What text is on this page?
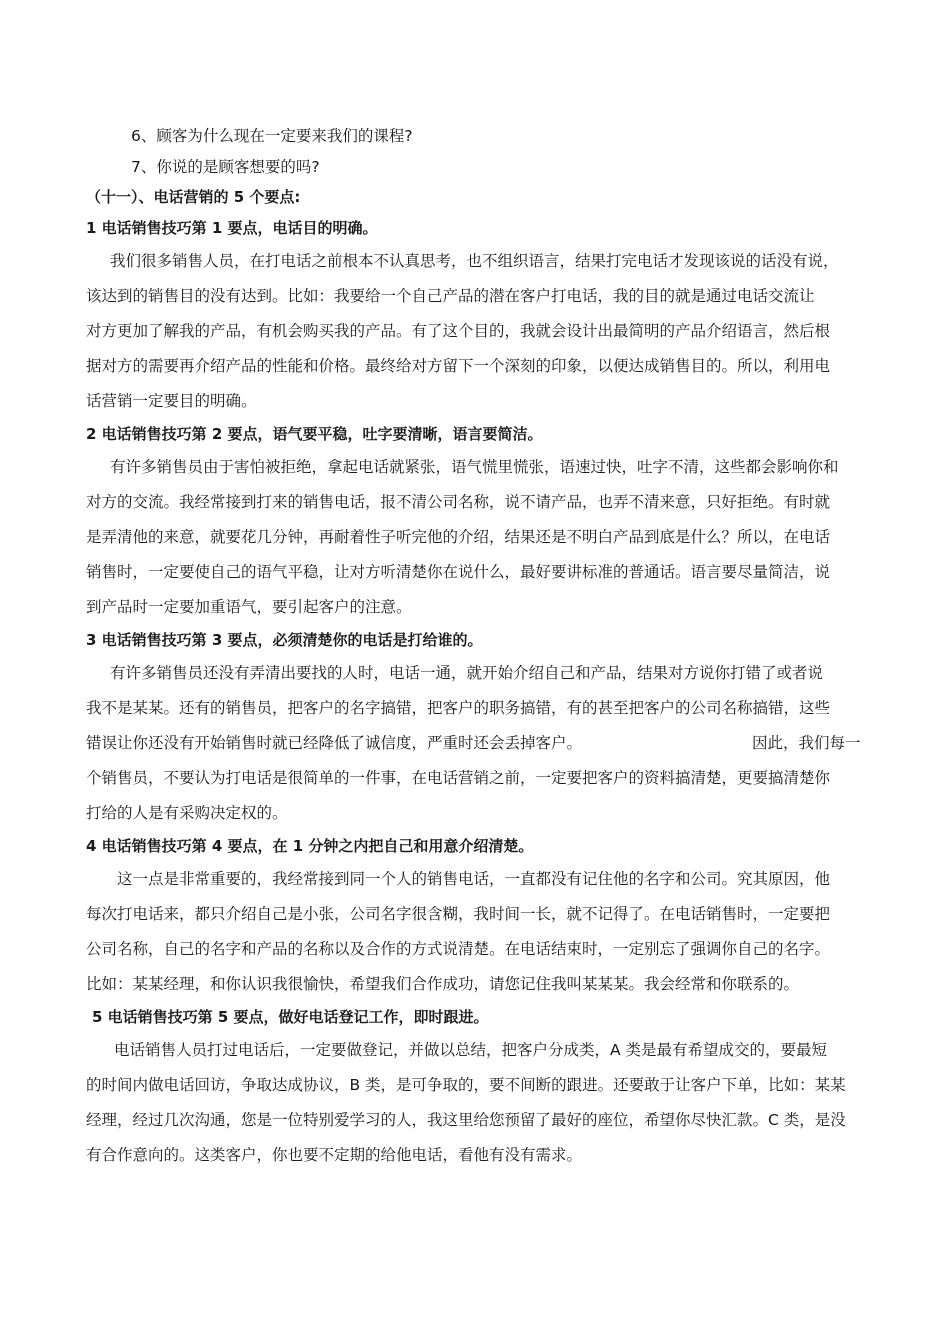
6、顾客为什么现在一定要来我们的课程?
7、你说的是顾客想要的吗?
（十一）、电话营销的 5 个要点:
1 电话销售技巧第 1 要点，电话目的明确。
我们很多销售人员，在打电话之前根本不认真思考，也不组织语言，结果打完电话才发现该说的话没有说，
该达到的销售目的没有达到。比如：我要给一个自己产品的潜在客户打电话，我的目的就是通过电话交流让
对方更加了解我的产品，有机会购买我的产品。有了这个目的，我就会设计出最简明的产品介绍语言，然后根
据对方的需要再介绍产品的性能和价格。最终给对方留下一个深刻的印象，以便达成销售目的。所以，利用电
话营销一定要目的明确。
2 电话销售技巧第 2 要点，语气要平稳，吐字要清晰，语言要简洁。
有许多销售员由于害怕被拒绝，拿起电话就紧张，语气慌里慌张，语速过快，吐字不清，这些都会影响你和
对方的交流。我经常接到打来的销售电话，报不清公司名称，说不请产品，也弄不清来意，只好拒绝。有时就
是弄清他的来意，就要花几分钟，再耐着性子听完他的介绍，结果还是不明白产品到底是什么？所以，在电话
销售时，一定要使自己的语气平稳，让对方听清楚你在说什么，最好要讲标准的普通话。语言要尽量简洁，说
到产品时一定要加重语气，要引起客户的注意。
3 电话销售技巧第 3 要点，必须清楚你的电话是打给谁的。
有许多销售员还没有弄清出要找的人时，电话一通，就开始介绍自己和产品，结果对方说你打错了或者说
我不是某某。还有的销售员，把客户的名字搞错，把客户的职务搞错，有的甚至把客户的公司名称搞错，这些
错误让你还没有开始销售时就已经降低了诚信度，严重时还会丢掉客户。	因此，我们每一
个销售员，不要认为打电话是很简单的一件事，在电话营销之前，一定要把客户的资料搞清楚，更要搞清楚你
打给的人是有采购决定权的。
4 电话销售技巧第 4 要点，在 1 分钟之内把自己和用意介绍清楚。
这一点是非常重要的，我经常接到同一个人的销售电话，一直都没有记住他的名字和公司。究其原因，他
每次打电话来，都只介绍自己是小张，公司名字很含糊，我时间一长，就不记得了。在电话销售时，一定要把
公司名称，自己的名字和产品的名称以及合作的方式说清楚。在电话结束时，一定别忘了强调你自己的名字。
比如：某某经理，和你认识我很愉快，希望我们合作成功，请您记住我叫某某某。我会经常和你联系的。
5 电话销售技巧第 5 要点，做好电话登记工作，即时跟进。
电话销售人员打过电话后，一定要做登记，并做以总结，把客户分成类，A 类是最有希望成交的，要最短
的时间内做电话回访，争取达成协议，B 类，是可争取的，要不间断的跟进。还要敢于让客户下单，比如：某某
经理，经过几次沟通，您是一位特别爱学习的人，我这里给您预留了最好的座位，希望你尽快汇款。C 类，是没
有合作意向的。这类客户，你也要不定期的给他电话，看他有没有需求。
